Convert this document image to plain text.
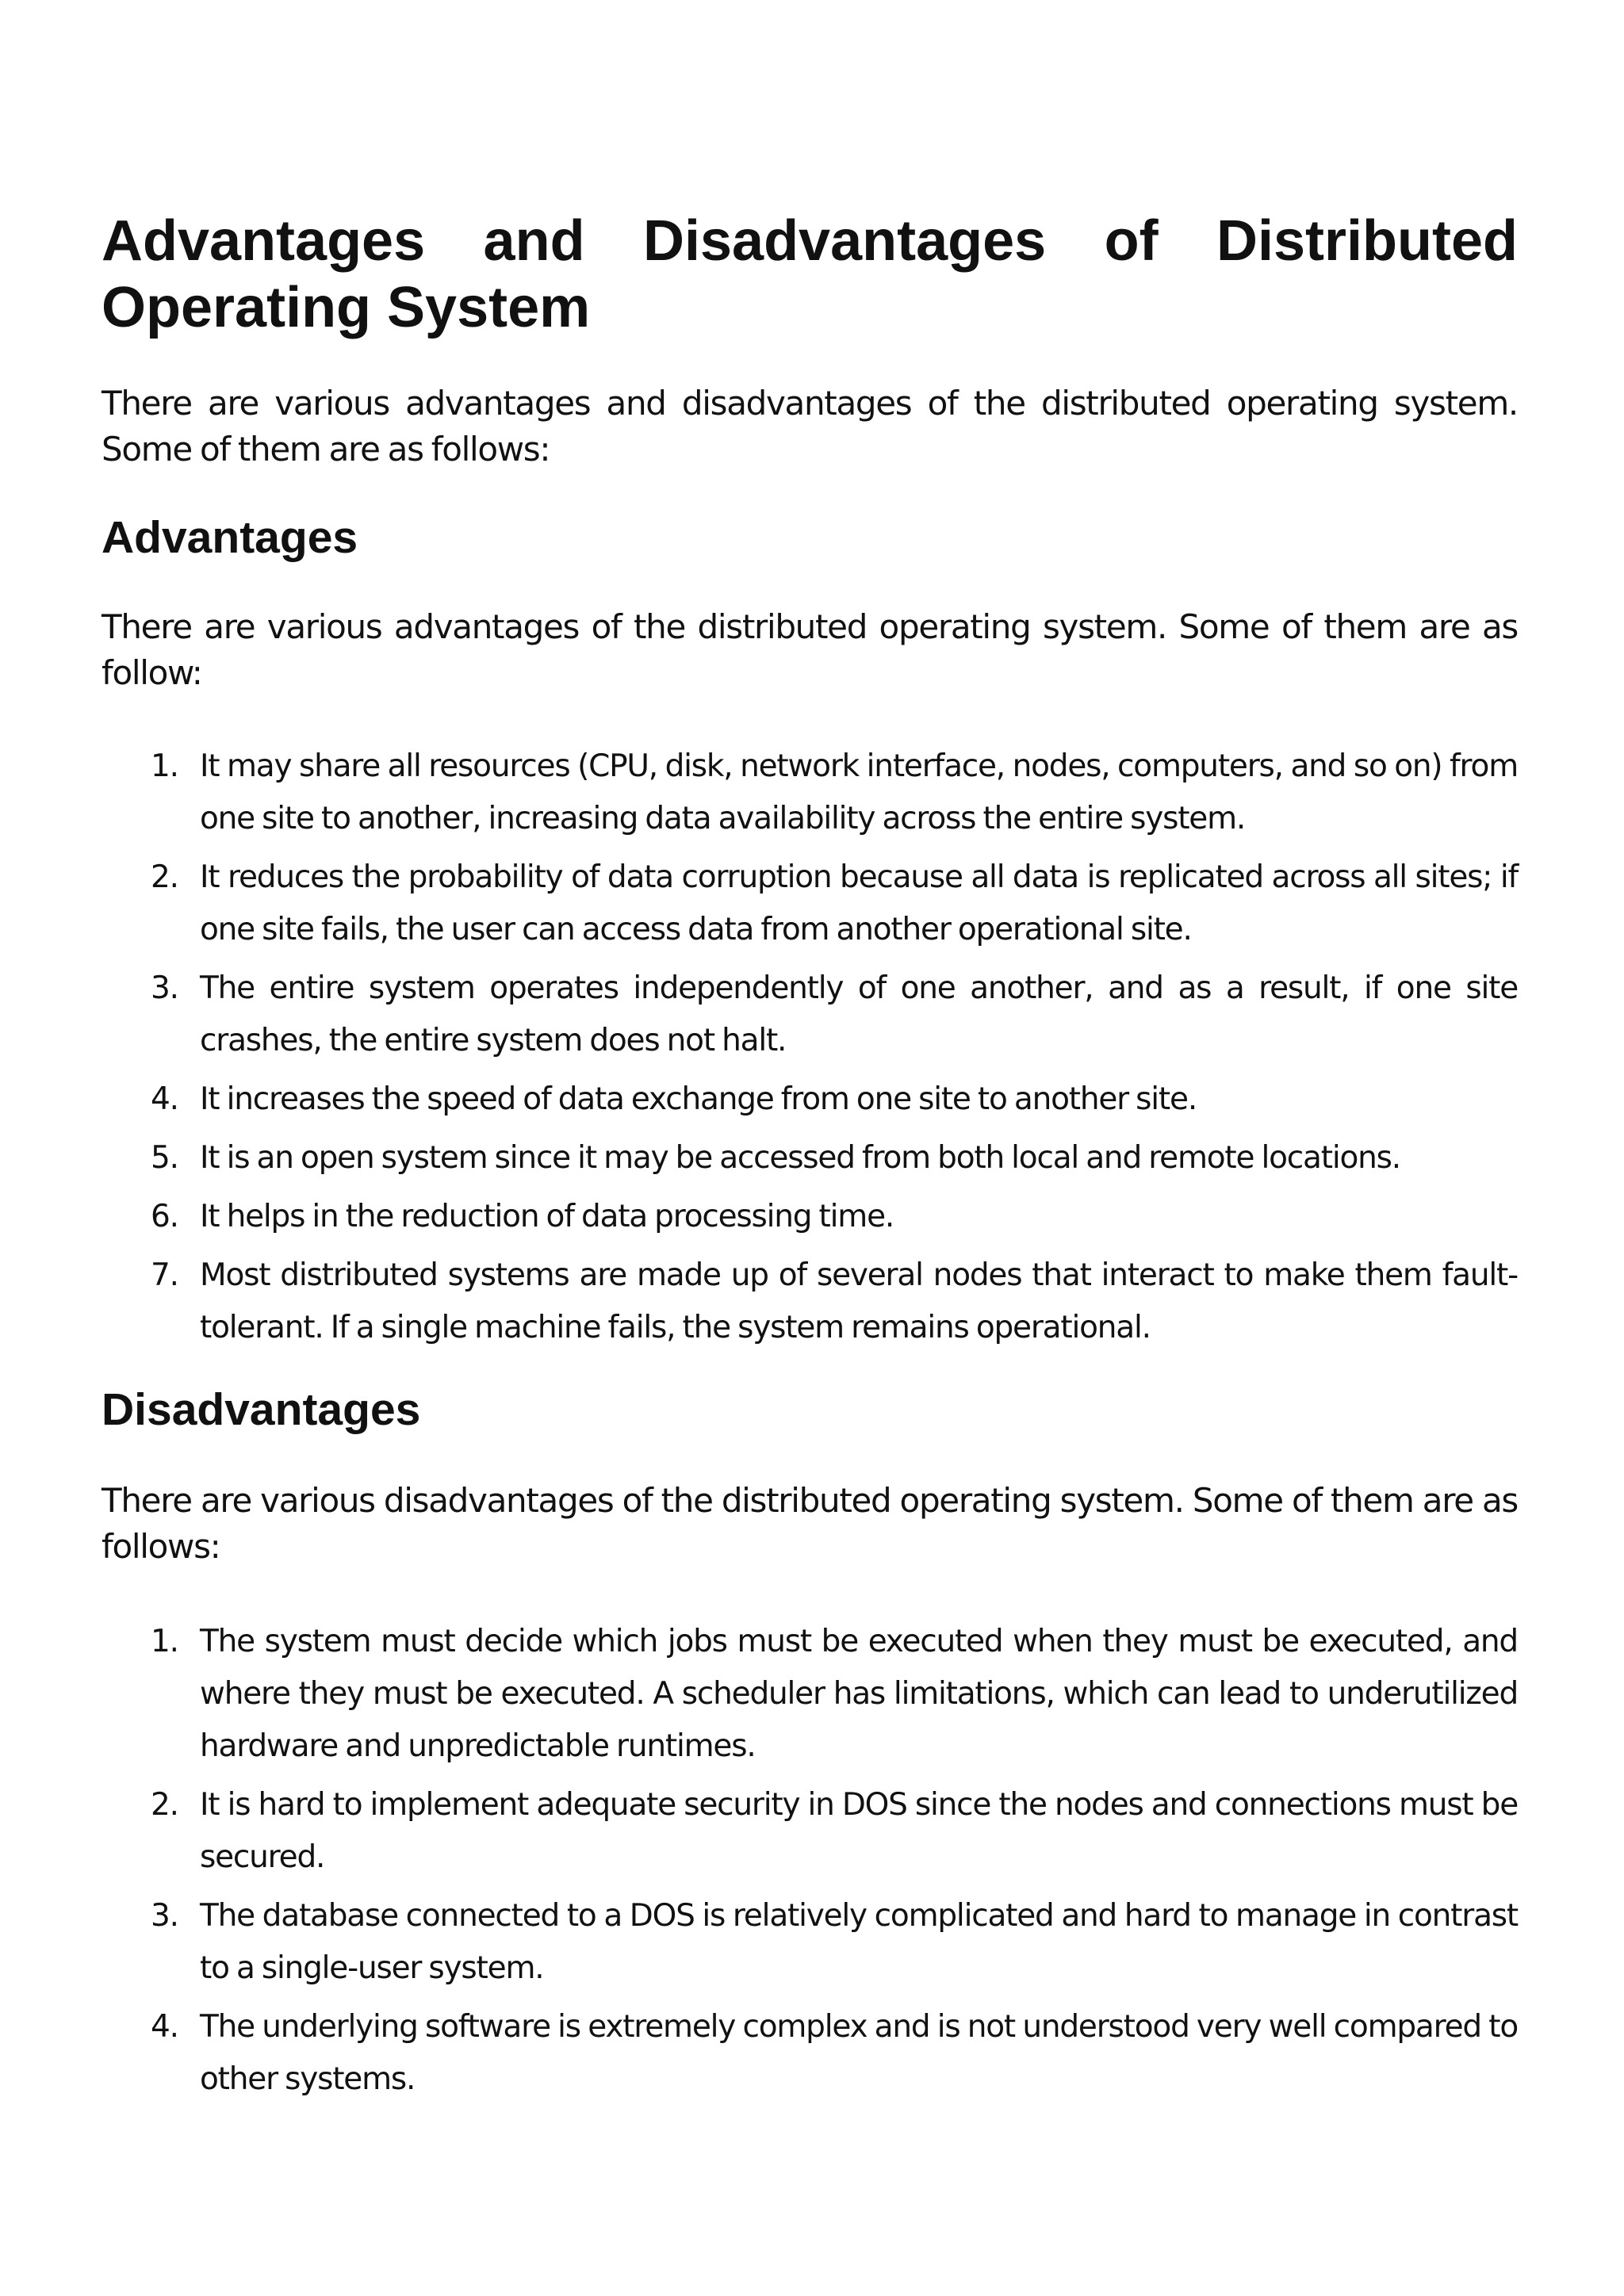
Advantages and Disadvantages of Distributed Operating System

There are various advantages and disadvantages of the distributed operating system. Some of them are as follows:

Advantages

There are various advantages of the distributed operating system. Some of them are as follow:

1. It may share all resources (CPU, disk, network interface, nodes, computers, and so on) from one site to another, increasing data availability across the entire system.
2. It reduces the probability of data corruption because all data is replicated across all sites; if one site fails, the user can access data from another operational site.
3. The entire system operates independently of one another, and as a result, if one site crashes, the entire system does not halt.
4. It increases the speed of data exchange from one site to another site.
5. It is an open system since it may be accessed from both local and remote locations.
6. It helps in the reduction of data processing time.
7. Most distributed systems are made up of several nodes that interact to make them fault-tolerant. If a single machine fails, the system remains operational.
Disadvantages

There are various disadvantages of the distributed operating system. Some of them are as follows:

1. The system must decide which jobs must be executed when they must be executed, and where they must be executed. A scheduler has limitations, which can lead to underutilized hardware and unpredictable runtimes.
2. It is hard to implement adequate security in DOS since the nodes and connections must be secured.
3. The database connected to a DOS is relatively complicated and hard to manage in contrast to a single-user system.
4. The underlying software is extremely complex and is not understood very well compared to other systems.
